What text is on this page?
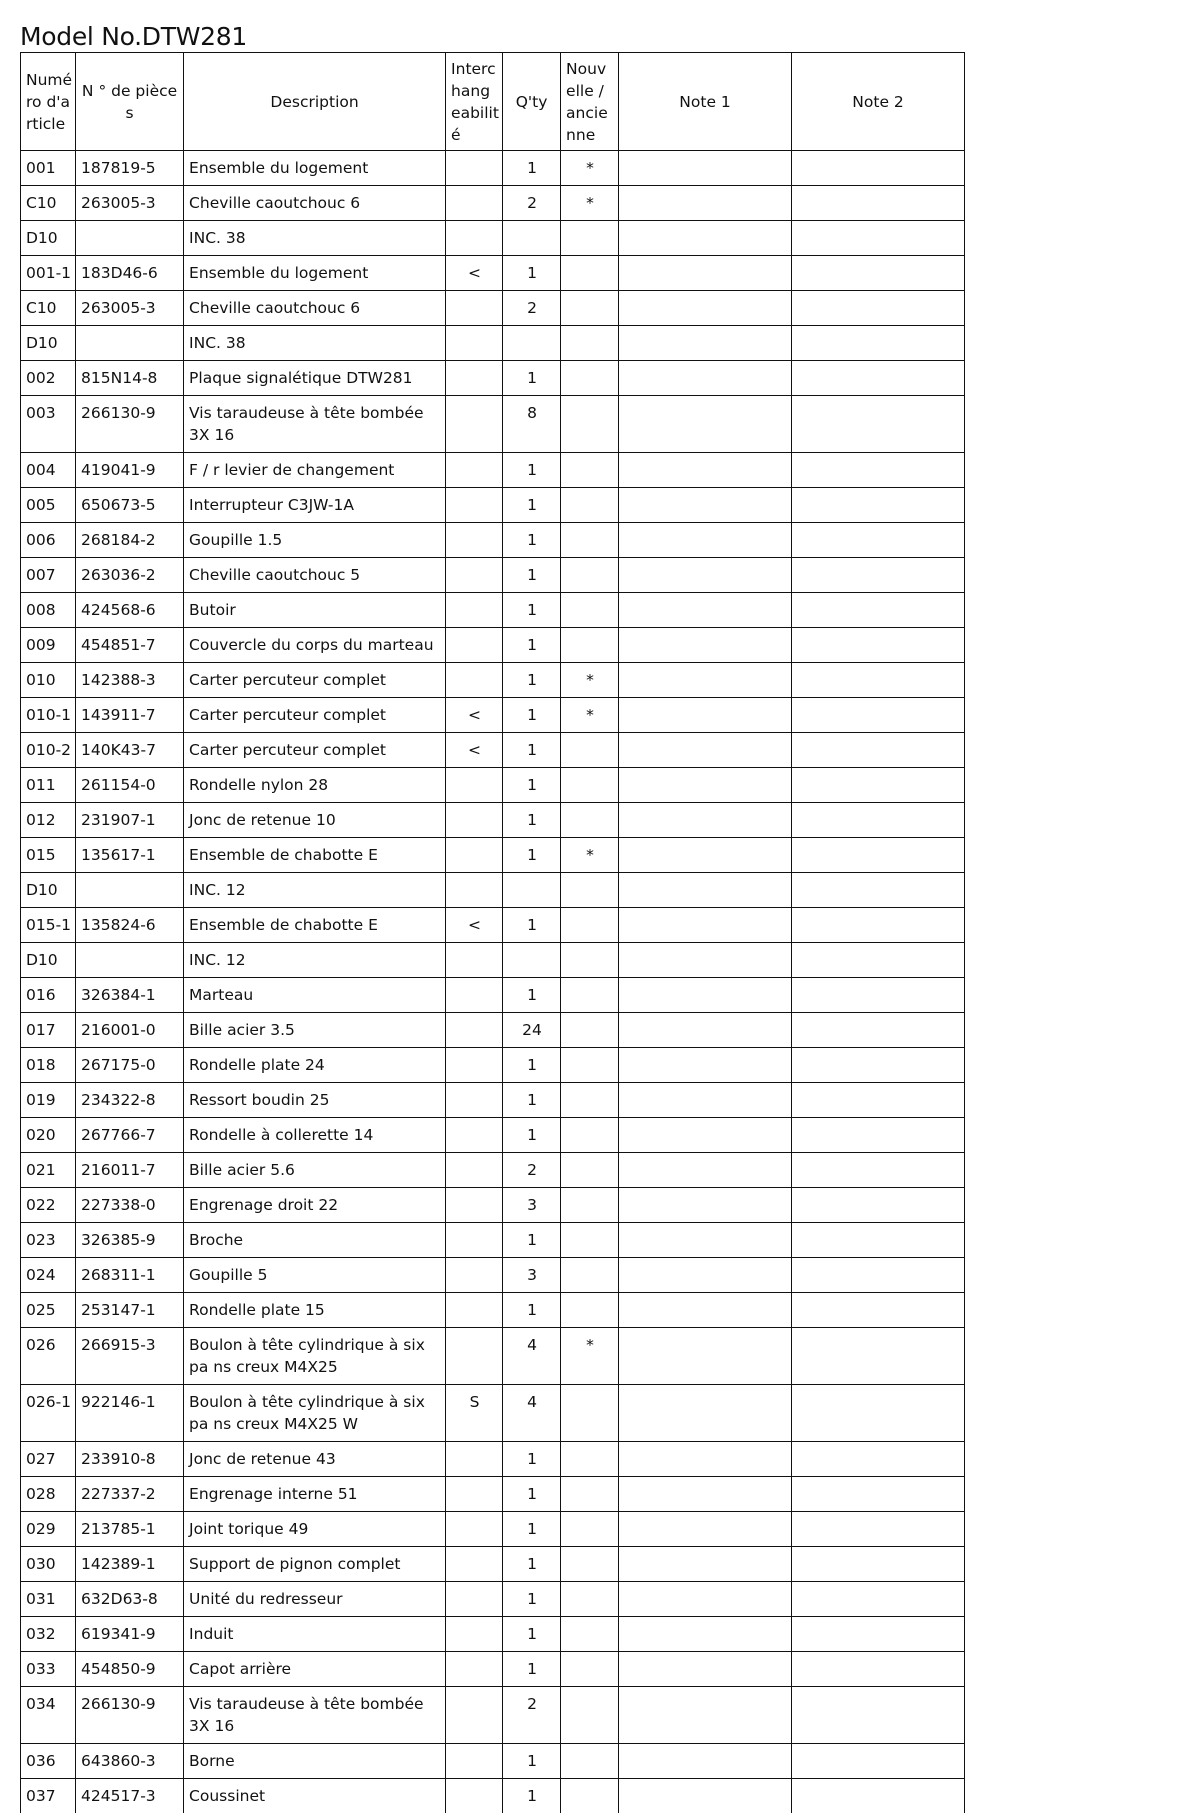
Model No.DTW281
Numé ro d'a rticle	N ° de pièces	Description	Interc hang eabilit é	Q'ty	Nouv elle / ancie nne	Note 1	Note 2
001	187819-5	Ensemble du logement		1	*		
C10	263005-3	Cheville caoutchouc 6		2	*		
D10		INC. 38					
001-1	183D46-6	Ensemble du logement	<	1			
C10	263005-3	Cheville caoutchouc 6		2			
D10		INC. 38					
002	815N14-8	Plaque signalétique DTW281		1			
003	266130-9	Vis taraudeuse à tête bombée 3X 16		8			
004	419041-9	F / r levier de changement		1			
005	650673-5	Interrupteur C3JW-1A		1			
006	268184-2	Goupille 1.5		1			
007	263036-2	Cheville caoutchouc 5		1			
008	424568-6	Butoir		1			
009	454851-7	Couvercle du corps du marteau		1			
010	142388-3	Carter percuteur complet		1	*		
010-1	143911-7	Carter percuteur complet	<	1	*		
010-2	140K43-7	Carter percuteur complet	<	1			
011	261154-0	Rondelle nylon 28		1			
012	231907-1	Jonc de retenue 10		1			
015	135617-1	Ensemble de chabotte E		1	*		
D10		INC. 12					
015-1	135824-6	Ensemble de chabotte E	<	1			
D10		INC. 12					
016	326384-1	Marteau		1			
017	216001-0	Bille acier 3.5		24			
018	267175-0	Rondelle plate 24		1			
019	234322-8	Ressort boudin 25		1			
020	267766-7	Rondelle à collerette 14		1			
021	216011-7	Bille acier 5.6		2			
022	227338-0	Engrenage droit 22		3			
023	326385-9	Broche		1			
024	268311-1	Goupille 5		3			
025	253147-1	Rondelle plate 15		1			
026	266915-3	Boulon à tête cylindrique à six pa ns creux M4X25		4	*		
026-1	922146-1	Boulon à tête cylindrique à six pa ns creux M4X25 W	S	4			
027	233910-8	Jonc de retenue 43		1			
028	227337-2	Engrenage interne 51		1			
029	213785-1	Joint torique 49		1			
030	142389-1	Support de pignon complet		1			
031	632D63-8	Unité du redresseur		1			
032	619341-9	Induit		1			
033	454850-9	Capot arrière		1			
034	266130-9	Vis taraudeuse à tête bombée 3X 16		2			
036	643860-3	Borne		1			
037	424517-3	Coussinet		1			
